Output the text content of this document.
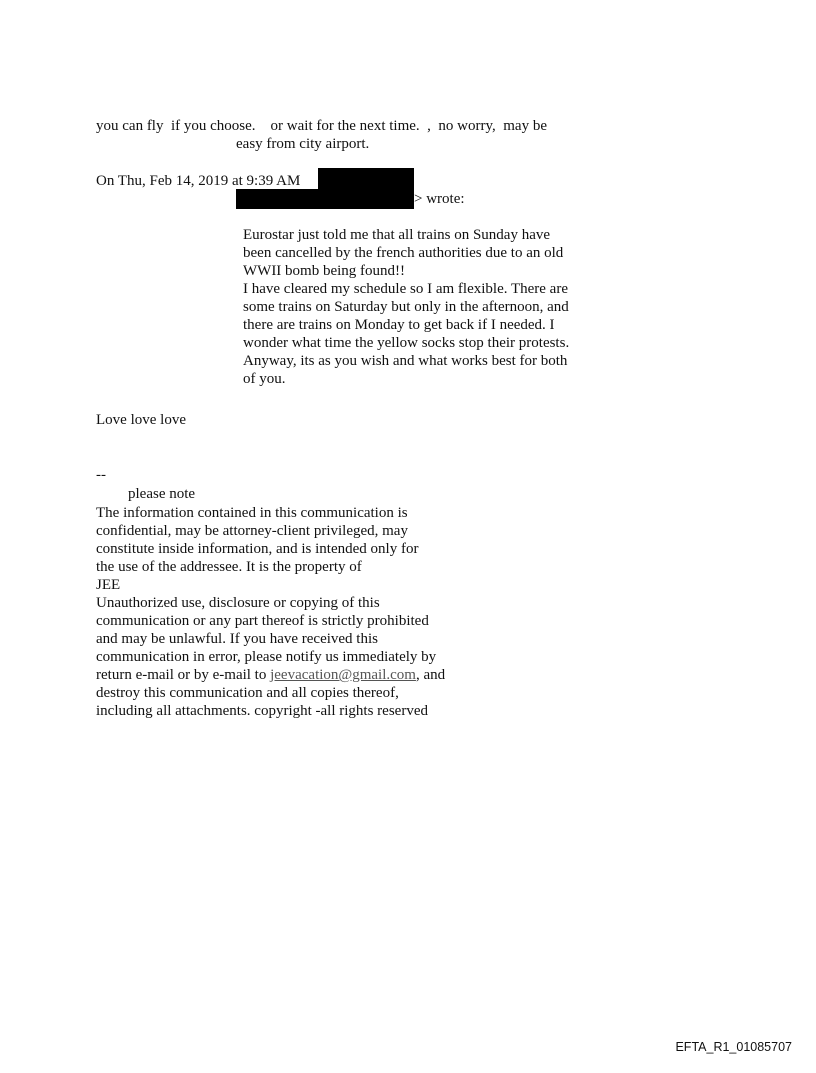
you can fly  if you choose.    or wait for the next time.  ,  no worry,  may be
easy from city airport.
On Thu, Feb 14, 2019 at 9:39 AM
> wrote:
Eurostar just told me that all trains on Sunday have
been cancelled by the french authorities due to an old
WWII bomb being found!!
I have cleared my schedule so I am flexible. There are
some trains on Saturday but only in the afternoon, and
there are trains on Monday to get back if I needed. I
wonder what time the yellow socks stop their protests.
Anyway, its as you wish and what works best for both
of you.
Love love love
--
please note
The information contained in this communication is
confidential, may be attorney-client privileged, may
constitute inside information, and is intended only for
the use of the addressee. It is the property of
JEE
Unauthorized use, disclosure or copying of this
communication or any part thereof is strictly prohibited
and may be unlawful. If you have received this
communication in error, please notify us immediately by
return e-mail or by e-mail to jeevacation@gmail.com, and
destroy this communication and all copies thereof,
including all attachments. copyright -all rights reserved
EFTA_R1_01085707
